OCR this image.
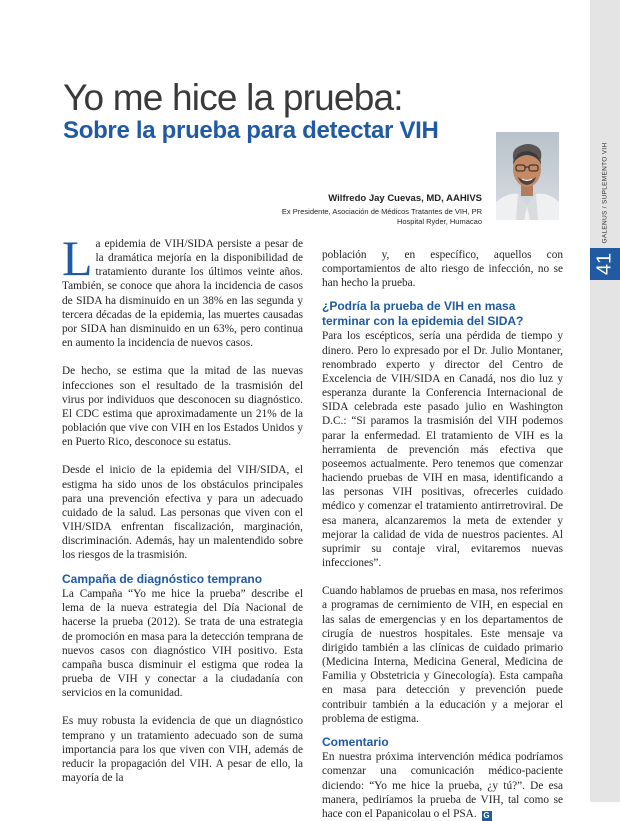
GALENUS / SUPLEMENTO VIH
41
Yo me hice la prueba:
Sobre la prueba para detectar VIH
Wilfredo Jay Cuevas, MD, AAHIVS
Ex Presidente, Asociación de Médicos Tratantes de VIH, PR
Hospital Ryder, Humacao

La epidemia de VIH/SIDA persiste a pesar de la dramática mejoría en la disponibilidad de tratamiento durante los últimos veinte años. También, se conoce que ahora la incidencia de casos de SIDA ha disminuido en un 38% en las segunda y tercera décadas de la epidemia, las muertes causadas por SIDA han disminuido en un 63%, pero continua en aumento la incidencia de nuevos casos.

De hecho, se estima que la mitad de las nuevas infecciones son el resultado de la trasmisión del virus por individuos que desconocen su diagnóstico. El CDC estima que aproximadamente un 21% de la población que vive con VIH en los Estados Unidos y en Puerto Rico, desconoce su estatus.

Desde el inicio de la epidemia del VIH/SIDA, el estigma ha sido unos de los obstáculos principales para una prevención efectiva y para un adecuado cuidado de la salud. Las personas que viven con el VIH/SIDA enfrentan fiscalización, marginación, discriminación. Además, hay un malentendido sobre los riesgos de la trasmisión.

Campaña de diagnóstico temprano

La Campaña “Yo me hice la prueba” describe el lema de la nueva estrategia del Día Nacional de hacerse la prueba (2012). Se trata de una estrategia de promoción en masa para la detección temprana de nuevos casos con diagnóstico VIH positivo. Esta campaña busca disminuir el estigma que rodea la prueba de VIH y conectar a la ciudadanía con servicios en la comunidad.

Es muy robusta la evidencia de que un diagnóstico temprano y un tratamiento adecuado son de suma importancia para los que viven con VIH, además de reducir la propagación del VIH. A pesar de ello, la mayoría de la

población y, en específico, aquellos con comportamientos de alto riesgo de infección, no se han hecho la prueba.

¿Podría la prueba de VIH en masa terminar con la epidemia del SIDA?

Para los escépticos, sería una pérdida de tiempo y dinero. Pero lo expresado por el Dr. Julio Montaner, renombrado experto y director del Centro de Excelencia de VIH/SIDA en Canadá, nos dio luz y esperanza durante la Conferencia Internacional de SIDA celebrada este pasado julio en Washington D.C.: “Si paramos la trasmisión del VIH podemos parar la enfermedad. El tratamiento de VIH es la herramienta de prevención más efectiva que poseemos actualmente. Pero tenemos que comenzar haciendo pruebas de VIH en masa, identificando a las personas VIH positivas, ofrecerles cuidado médico y comenzar el tratamiento antirretroviral. De esa manera, alcanzaremos la meta de extender y mejorar la calidad de vida de nuestros pacientes. Al suprimir su contaje viral, evitaremos nuevas infecciones”.

Cuando hablamos de pruebas en masa, nos referimos a programas de cernimiento de VIH, en especial en las salas de emergencias y en los departamentos de cirugía de nuestros hospitales. Este mensaje va dirigido también a las clínicas de cuidado primario (Medicina Interna, Medicina General, Medicina de Familia y Obstetricia y Ginecología). Esta campaña en masa para detección y prevención puede contribuir también a la educación y a mejorar el problema de estigma.

Comentario

En nuestra próxima intervención médica podríamos comenzar una comunicación médico-paciente diciendo: “Yo me hice la prueba, ¿y tú?”. De esa manera, pediríamos la prueba de VIH, tal como se hace con el Papanicolau o el PSA. G
